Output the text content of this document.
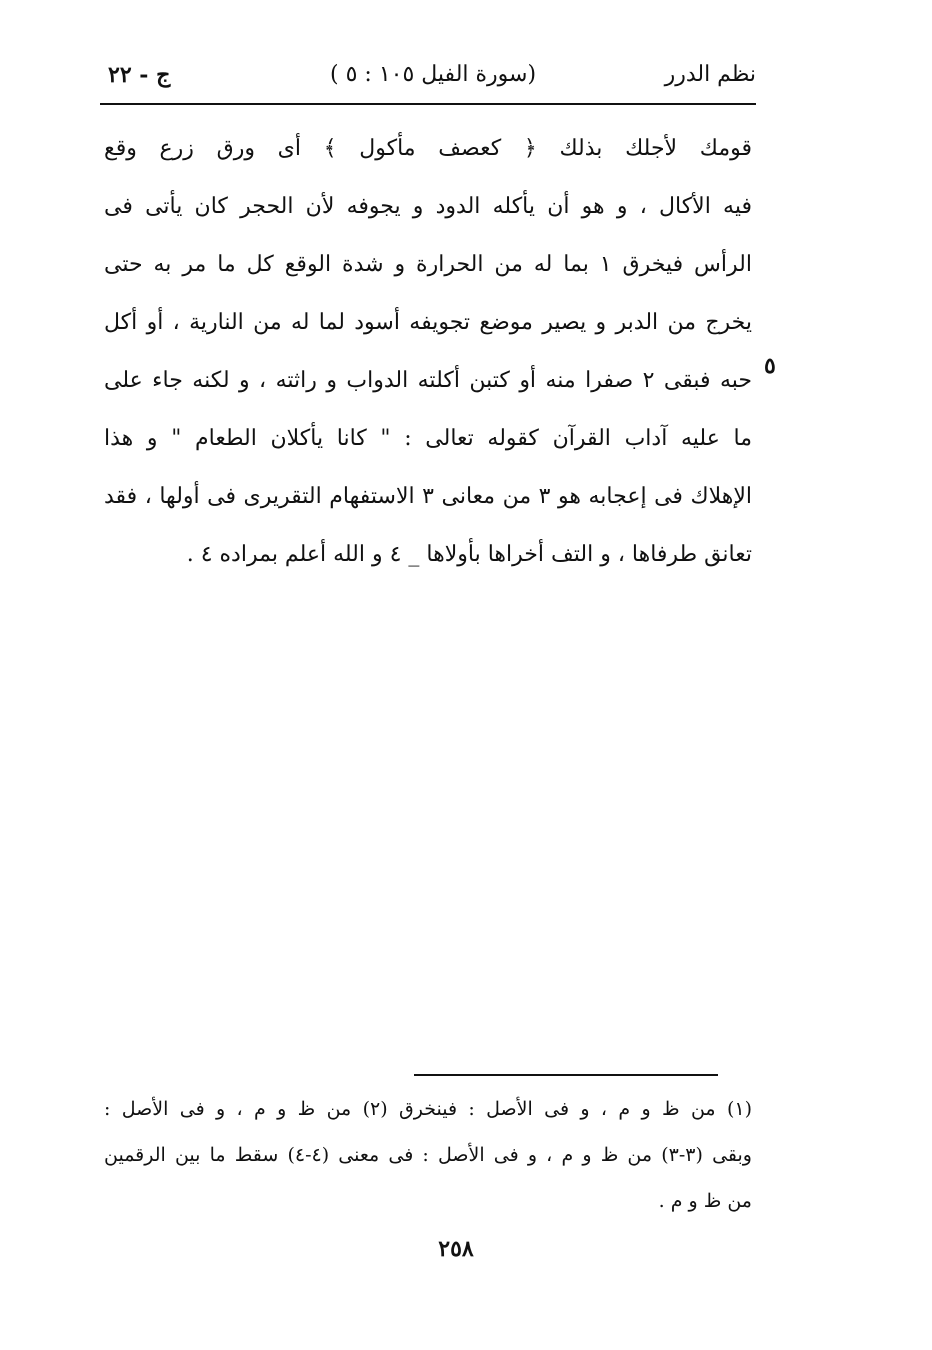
ج - ٢٢	(سورة الفيل ١٠٥ : ٥ )	نظم الدرر
قومك لأجلك بذلك ﴿ كعصف مأكول ﴾ أى ورق زرع وقع
فيه الأكال ، و هو أن يأكله الدود و يجوفه لأن الحجر كان يأتى فى
الرأس فيخرق ١ بما له من الحرارة و شدة الوقع كل ما مر به حتى
يخرج من الدبر و يصير موضع تجويفه أسود لما له من النارية ، أو أكل
حبه فبقى ٢ صفرا منه أو كتبن أكلته الدواب و راثته ، و لكنه جاء على
ما عليه آداب القرآن كقوله تعالى : " كانا يأكلان الطعام " و هذا
الإهلاك فى إعجابه هو ٣ من معانى ٣ الاستفهام التقريرى فى أولها ، فقد
تعانق طرفاها ، و التف أخراها بأولاها _ ٤ و الله أعلم بمراده ٤ .
٥
(١) من ظ و م ، و فى الأصل : فينخرق (٢) من ظ و م ، و فى الأصل :
وبقى (٣-٣) من ظ و م ، و فى الأصل : فى معنى (٤-٤) سقط ما بين الرقمين
من ظ و م .
٢٥٨
